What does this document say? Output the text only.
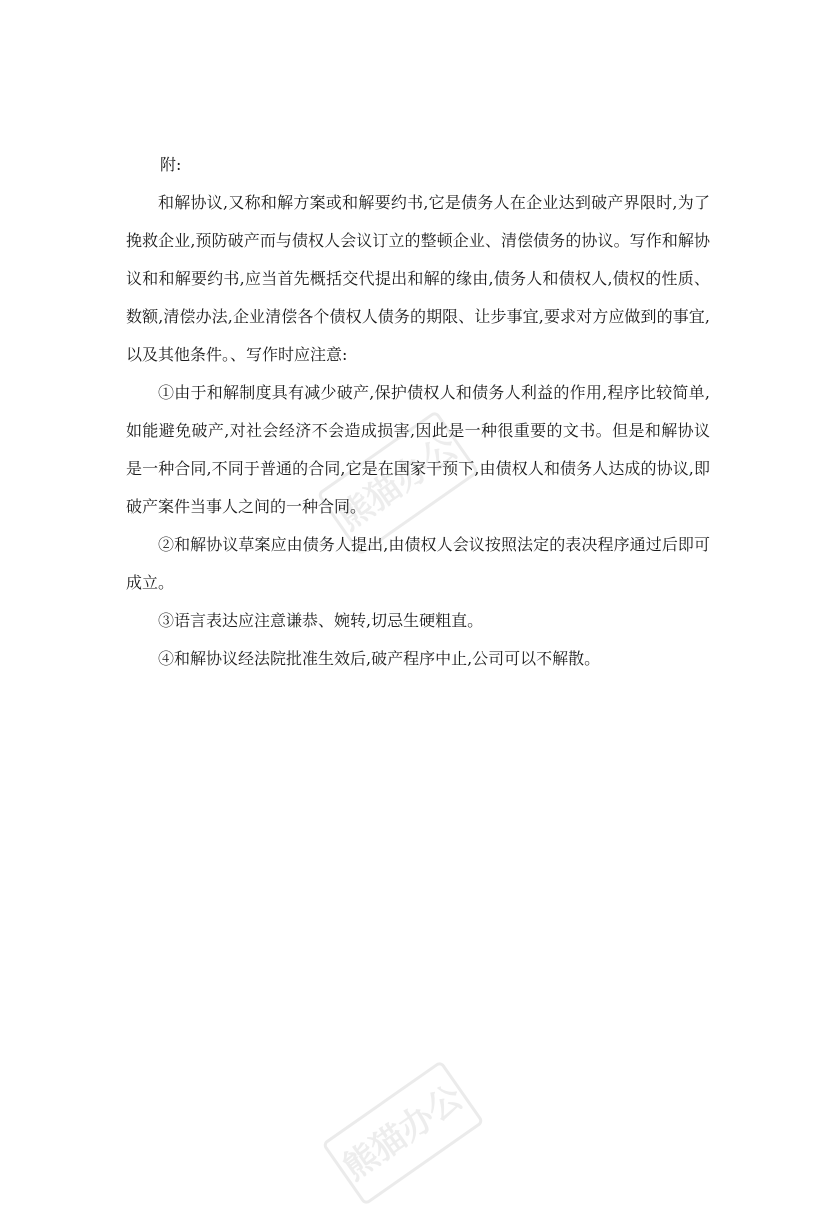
熊猫办公
熊猫办公

附:

和解协议,又称和解方案或和解要约书,它是债务人在企业达到破产界限时,为了挽救企业,预防破产而与债权人会议订立的整顿企业、清偿债务的协议。写作和解协议和和解要约书,应当首先概括交代提出和解的缘由,债务人和债权人,债权的性质、数额,清偿办法,企业清偿各个债权人债务的期限、让步事宜,要求对方应做到的事宜,以及其他条件。、写作时应注意:

①由于和解制度具有减少破产,保护债权人和债务人利益的作用,程序比较简单,如能避免破产,对社会经济不会造成损害,因此是一种很重要的文书。但是和解协议是一种合同,不同于普通的合同,它是在国家干预下,由债权人和债务人达成的协议,即破产案件当事人之间的一种合同。

②和解协议草案应由债务人提出,由债权人会议按照法定的表决程序通过后即可成立。

③语言表达应注意谦恭、婉转,切忌生硬粗直。

④和解协议经法院批准生效后,破产程序中止,公司可以不解散。
